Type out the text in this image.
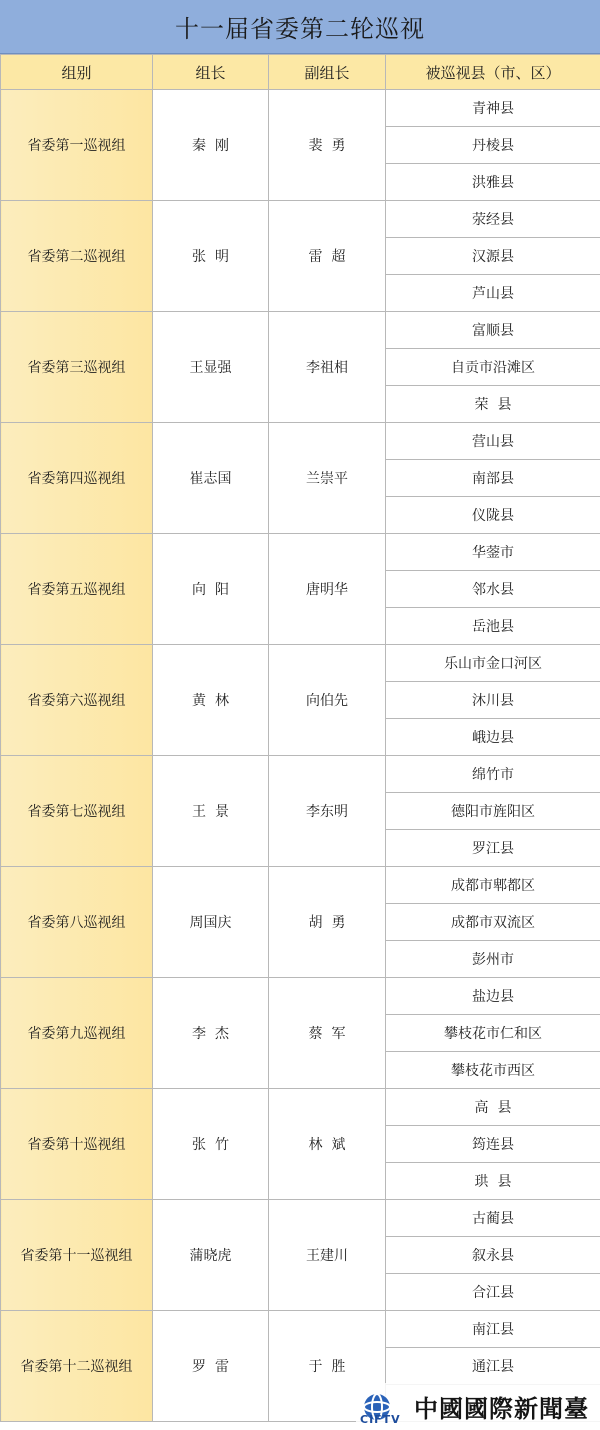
十一届省委第二轮巡视
组别	组长	副组长	被巡视县（市、区）
省委第一巡视组	秦  刚	裴  勇	青神县
			丹棱县
			洪雅县
省委第二巡视组	张  明	雷  超	荥经县
			汉源县
			芦山县
省委第三巡视组	王显强	李祖相	富顺县
			自贡市沿滩区
			荣  县
省委第四巡视组	崔志国	兰崇平	营山县
			南部县
			仪陇县
省委第五巡视组	向  阳	唐明华	华蓥市
			邻水县
			岳池县
省委第六巡视组	黄  林	向伯先	乐山市金口河区
			沐川县
			峨边县
省委第七巡视组	王  景	李东明	绵竹市
			德阳市旌阳区
			罗江县
省委第八巡视组	周国庆	胡  勇	成都市郫都区
			成都市双流区
			彭州市
省委第九巡视组	李  杰	蔡  军	盐边县
			攀枝花市仁和区
			攀枝花市西区
省委第十巡视组	张  竹	林  斌	高  县
			筠连县
			珙  县
省委第十一巡视组	蒲晓虎	王建川	古蔺县
			叙永县
			合江县
省委第十二巡视组	罗  雷	于  胜	南江县
			通江县

CIFTV 中國國際新聞臺
